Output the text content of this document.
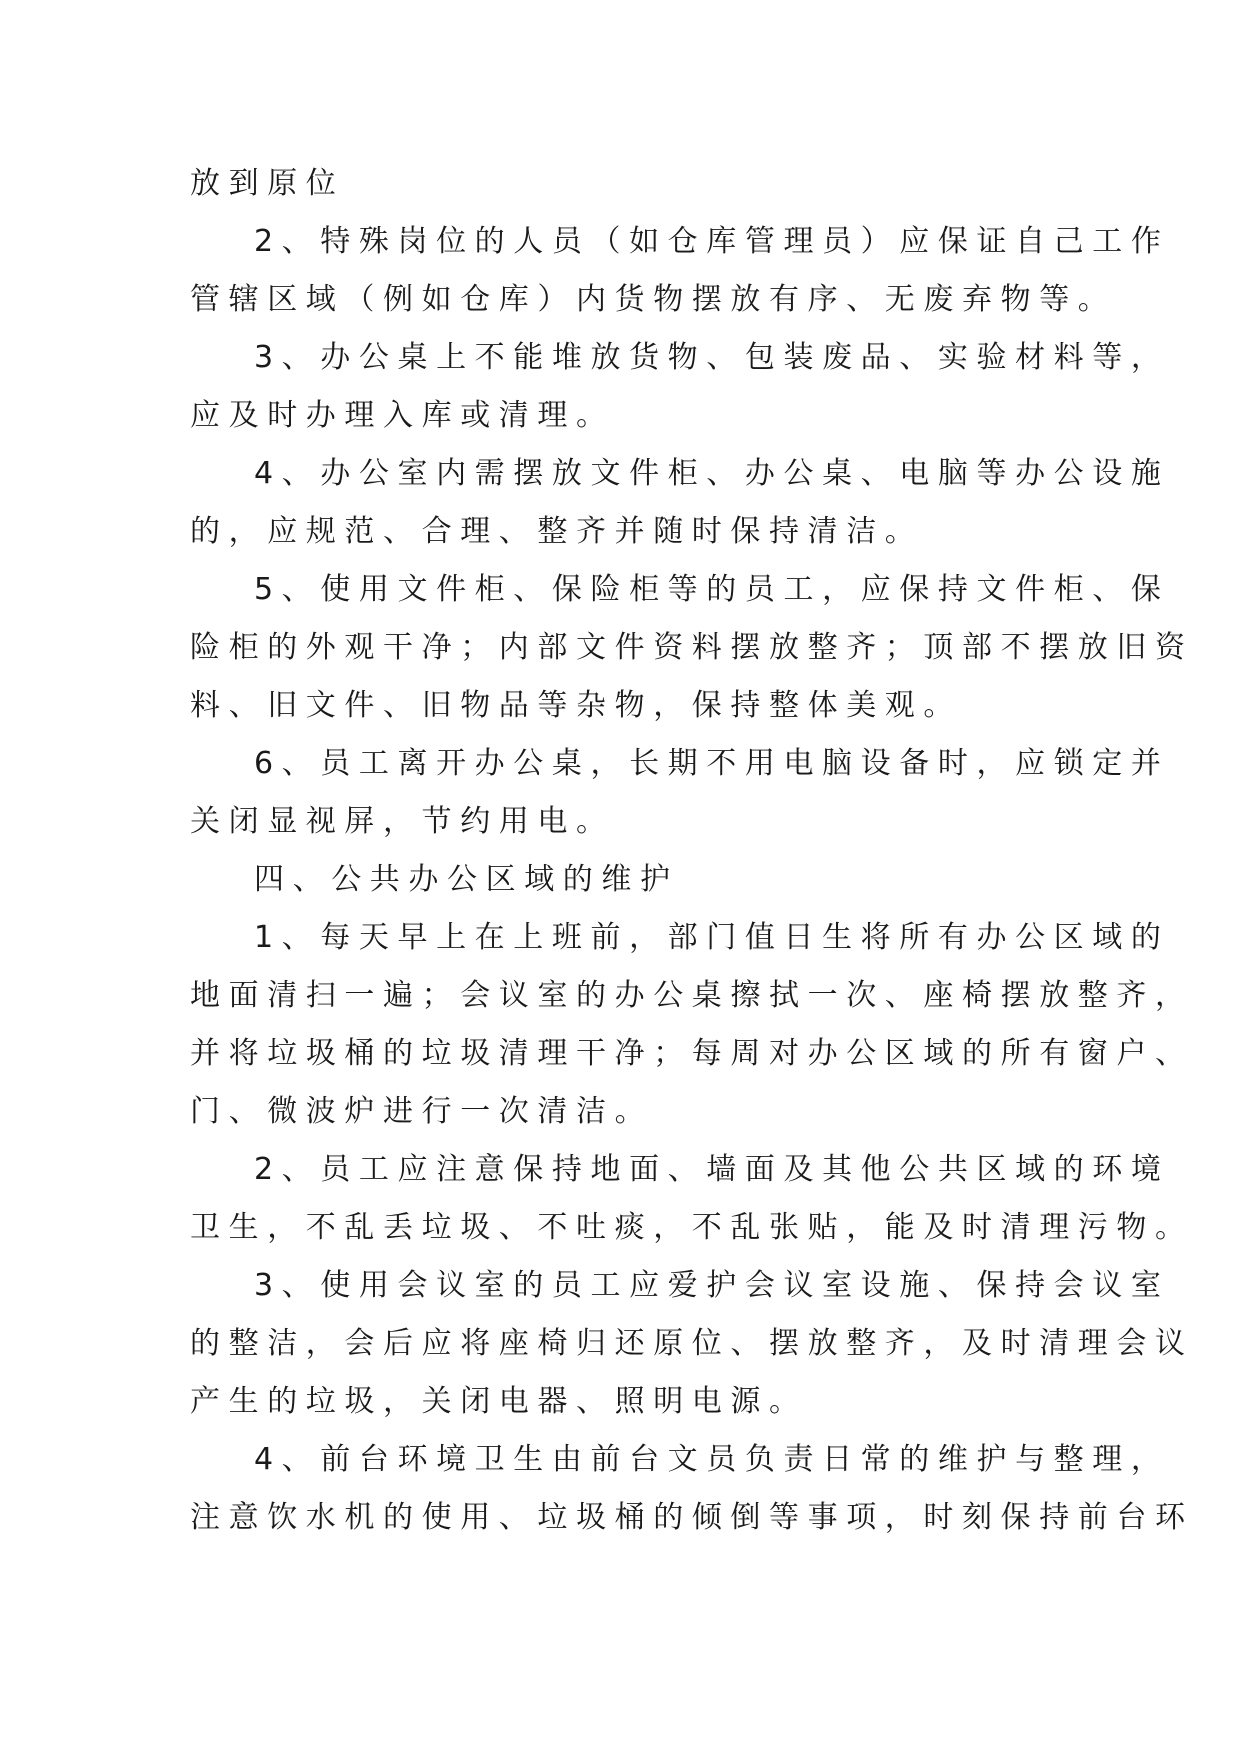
放到原位
2、特殊岗位的人员（如仓库管理员）应保证自己工作
管辖区域（例如仓库）内货物摆放有序、无废弃物等。
3、办公桌上不能堆放货物、包装废品、实验材料等，
应及时办理入库或清理。
4、办公室内需摆放文件柜、办公桌、电脑等办公设施
的，应规范、合理、整齐并随时保持清洁。
5、使用文件柜、保险柜等的员工，应保持文件柜、保
险柜的外观干净；内部文件资料摆放整齐；顶部不摆放旧资
料、旧文件、旧物品等杂物，保持整体美观。
6、员工离开办公桌，长期不用电脑设备时，应锁定并
关闭显视屏，节约用电。
四、公共办公区域的维护
1、每天早上在上班前，部门值日生将所有办公区域的
地面清扫一遍；会议室的办公桌擦拭一次、座椅摆放整齐，
并将垃圾桶的垃圾清理干净；每周对办公区域的所有窗户、
门、微波炉进行一次清洁。
2、员工应注意保持地面、墙面及其他公共区域的环境
卫生，不乱丢垃圾、不吐痰，不乱张贴，能及时清理污物。
3、使用会议室的员工应爱护会议室设施、保持会议室
的整洁，会后应将座椅归还原位、摆放整齐，及时清理会议
产生的垃圾，关闭电器、照明电源。
4、前台环境卫生由前台文员负责日常的维护与整理，
注意饮水机的使用、垃圾桶的倾倒等事项，时刻保持前台环
